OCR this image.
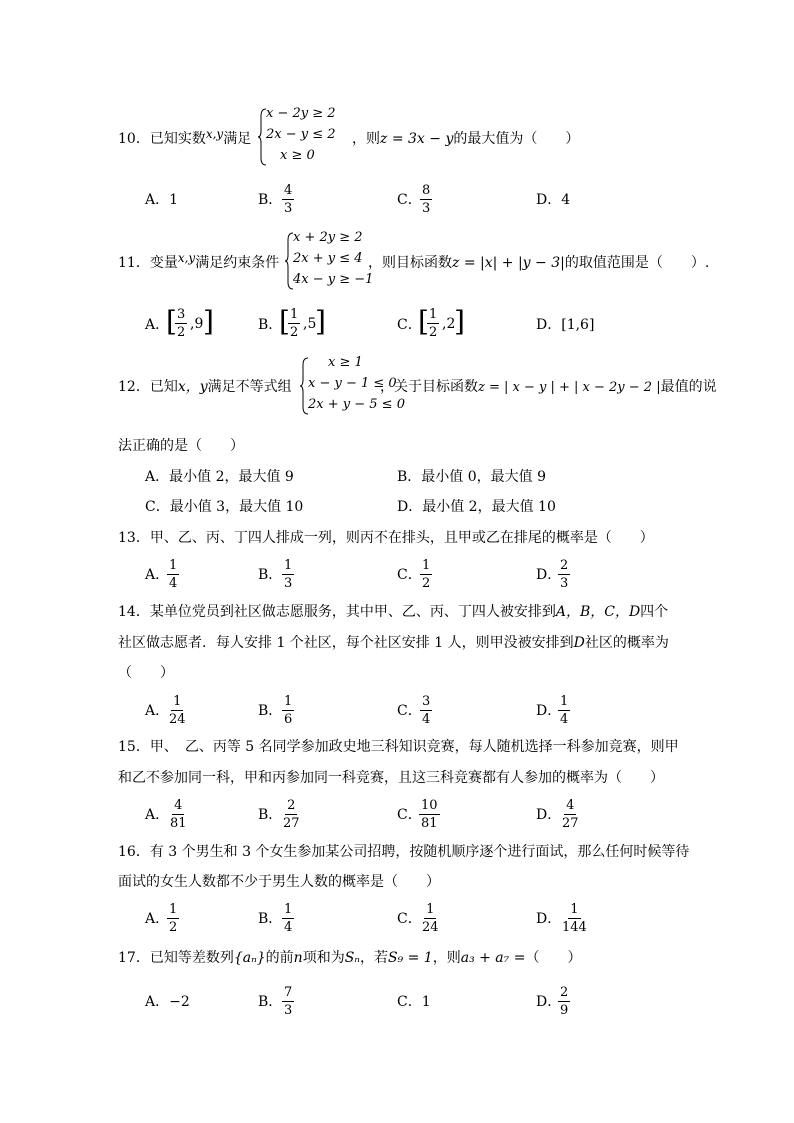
10．已知实数x,y满足
x − 2y ≥ 2
2x − y ≤ 2
x ≥ 0
，则z = 3x − y的最大值为（　　）
A．1	B． $\frac{4}{3}$	C．
$\frac{8}{3}$	D．4
11．变量x,y满足约束条件
x + 2y ≥ 2
2x + y ≤ 4
4x − y ≥ −1
，则目标函数z = |x| + |y − 3|的取值范围是（　　）.
A．
[
$\frac{3}{2} ,9$ ]	B．
[
$\frac{1}{2} ,5$
]	C．
[
$\frac{1}{2} ,2$
]	D．[1,6]
12．已知x，y满足不等式组
x ≥ 1
x − y − 1 ≤ 0
2x + y − 5 ≤ 0
，关于目标函数z = | x − y | + | x − 2y − 2 |最值的说
法正确的是（　　）
A．最小值 2，最大值 9	B．最小值 0，最大值 9
C．最小值 3，最大值 10	D．最小值 2，最大值 10
13．甲、乙、丙、丁四人排成一列，则丙不在排头，且甲或乙在排尾的概率是（　　）
A．
$\frac{1}{4}$	B． $\frac{1}{3}$	C．
$\frac{1}{2}$	D．
$\frac{2}{3}$
14．某单位党员到社区做志愿服务，其中甲、乙、丙、丁四人被安排到A，B，C，D四个
社区做志愿者．每人安排 1 个社区，每个社区安排 1 人，则甲没被安排到D社区的概率为
（　　）
A．
$\frac{1}{24}$	B． $\frac{1}{6}$	C．
$\frac{3}{4}$	D．
$\frac{1}{4}$
15．甲、　乙、丙等 5 名同学参加政史地三科知识竞赛，每人随机选择一科参加竞赛，则甲
和乙不参加同一科，甲和丙参加同一科竞赛，且这三科竞赛都有人参加的概率为（　　）
A．
$\frac{4}{81}$	B．
$\frac{2}{27}$	C．
$\frac{10}{81}$	D．
$\frac{4}{27}$
16．有 3 个男生和 3 个女生参加某公司招聘，按随机顺序逐个进行面试，那么任何时候等待
面试的女生人数都不少于男生人数的概率是（　　）
A．
$\frac{1}{2}$	B． $\frac{1}{4}$	C．
$\frac{1}{24}$	D．
$\frac{1}{144}$
17．已知等差数列{aₙ}的前n项和为Sₙ，若S₉ = 1，则a₃ + a₇ =（　　）
A．−2	B． $\frac{7}{3}$	C．1	D．
$\frac{2}{9}$
